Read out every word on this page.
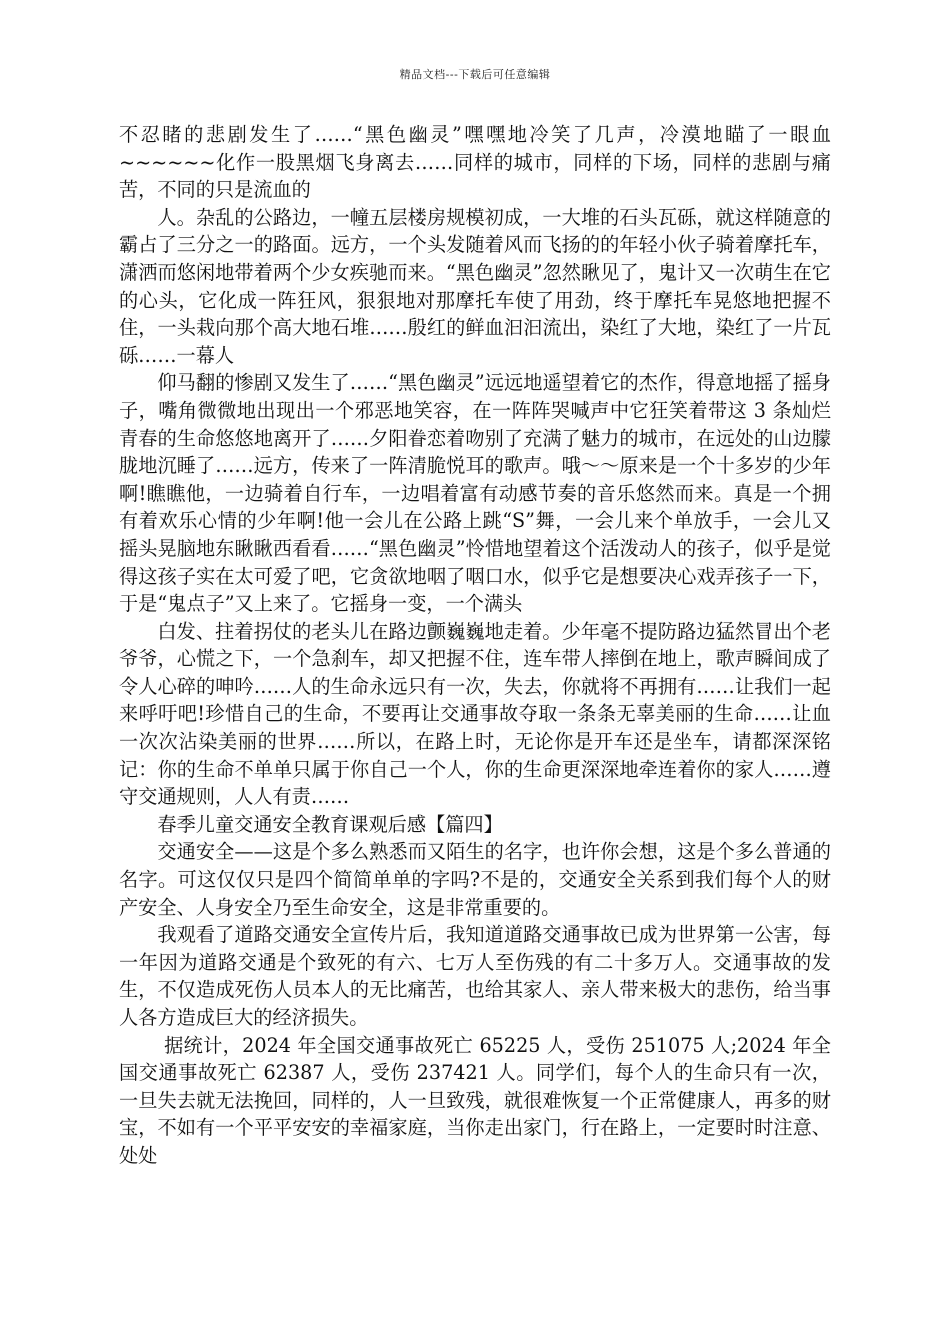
精品文档---下载后可任意编辑

不忍睹的悲剧发生了……“黑色幽灵”嘿嘿地冷笑了几声，冷漠地瞄了一眼血~~~~~~化作一股黑烟飞身离去……同样的城市，同样的下场，同样的悲剧与痛苦，不同的只是流血的

人。杂乱的公路边，一幢五层楼房规模初成，一大堆的石头瓦砾，就这样随意的霸占了三分之一的路面。远方，一个头发随着风而飞扬的的年轻小伙子骑着摩托车，潇洒而悠闲地带着两个少女疾驰而来。“黑色幽灵”忽然瞅见了，鬼计又一次萌生在它的心头，它化成一阵狂风，狠狠地对那摩托车使了用劲，终于摩托车晃悠地把握不住，一头栽向那个高大地石堆……殷红的鲜血汩汩流出，染红了大地，染红了一片瓦砾……一幕人

仰马翻的惨剧又发生了……“黑色幽灵”远远地遥望着它的杰作，得意地摇了摇身子，嘴角微微地出现出一个邪恶地笑容，在一阵阵哭喊声中它狂笑着带这 3 条灿烂青春的生命悠悠地离开了……夕阳眷恋着吻别了充满了魅力的城市，在远处的山边朦胧地沉睡了……远方，传来了一阵清脆悦耳的歌声。哦～～原来是一个十多岁的少年啊!瞧瞧他，一边骑着自行车，一边唱着富有动感节奏的音乐悠然而来。真是一个拥有着欢乐心情的少年啊!他一会儿在公路上跳“S”舞，一会儿来个单放手，一会儿又摇头晃脑地东瞅瞅西看看……“黑色幽灵”怜惜地望着这个活泼动人的孩子，似乎是觉得这孩子实在太可爱了吧，它贪欲地咽了咽口水，似乎它是想要决心戏弄孩子一下，于是“鬼点子”又上来了。它摇身一变，一个满头

白发、拄着拐仗的老头儿在路边颤巍巍地走着。少年毫不提防路边猛然冒出个老爷爷，心慌之下，一个急刹车，却又把握不住，连车带人摔倒在地上，歌声瞬间成了令人心碎的呻吟……人的生命永远只有一次，失去，你就将不再拥有……让我们一起来呼吁吧!珍惜自己的生命，不要再让交通事故夺取一条条无辜美丽的生命……让血一次次沾染美丽的世界……所以，在路上时，无论你是开车还是坐车，请都深深铭记：你的生命不单单只属于你自己一个人，你的生命更深深地牵连着你的家人……遵守交通规则，人人有责……

春季儿童交通安全教育课观后感【篇四】

交通安全——这是个多么熟悉而又陌生的名字，也许你会想，这是个多么普通的名字。可这仅仅只是四个简简单单的字吗?不是的，交通安全关系到我们每个人的财产安全、人身安全乃至生命安全，这是非常重要的。

我观看了道路交通安全宣传片后，我知道道路交通事故已成为世界第一公害，每一年因为道路交通是个致死的有六、七万人至伤残的有二十多万人。交通事故的发生，不仅造成死伤人员本人的无比痛苦，也给其家人、亲人带来极大的悲伤，给当事人各方造成巨大的经济损失。

据统计，2024 年全国交通事故死亡 65225 人，受伤 251075 人;2024 年全国交通事故死亡 62387 人，受伤 237421 人。同学们，每个人的生命只有一次，一旦失去就无法挽回，同样的，人一旦致残，就很难恢复一个正常健康人，再多的财宝，不如有一个平平安安的幸福家庭，当你走出家门，行在路上，一定要时时注意、处处
